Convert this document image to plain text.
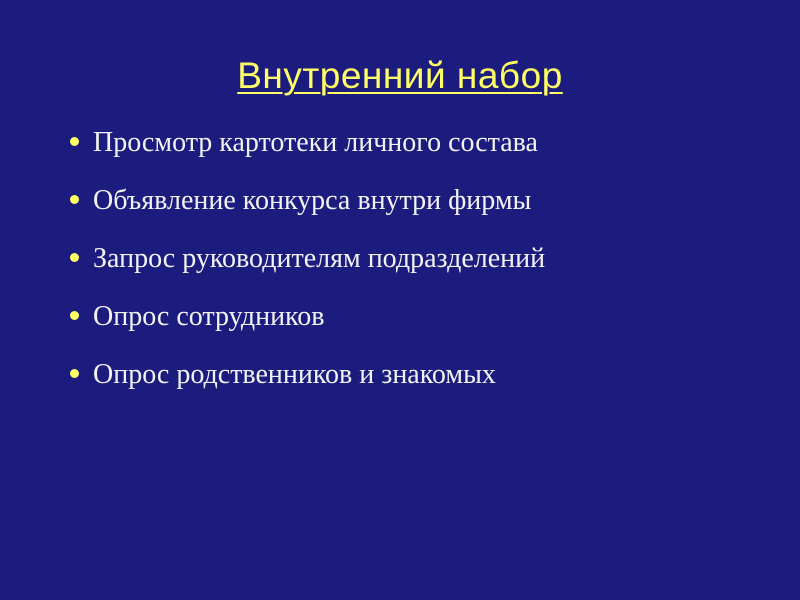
Внутренний набор
Просмотр картотеки личного состава
Объявление конкурса внутри фирмы
Запрос руководителям подразделений
Опрос сотрудников
Опрос родственников и знакомых
